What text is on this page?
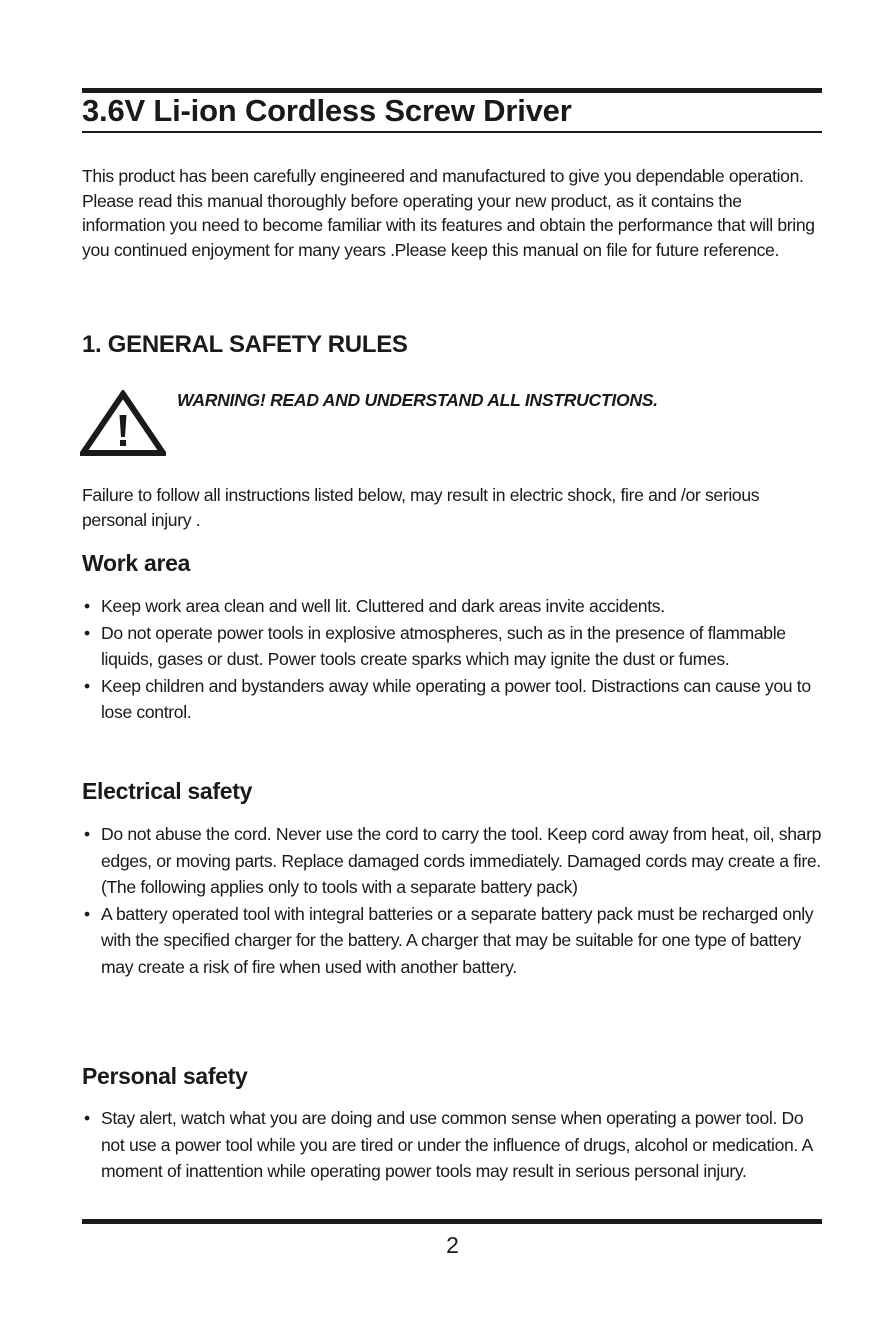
3.6V Li-ion Cordless Screw Driver

This product has been carefully engineered and manufactured to give you dependable operation. Please read this manual thoroughly before operating your new product, as it contains the information you need to become familiar with its features and obtain the performance that will bring you continued enjoyment for many years .Please keep this manual on file for future reference.

1. GENERAL SAFETY RULES

WARNING! READ AND UNDERSTAND ALL INSTRUCTIONS.

Failure to follow all instructions listed below, may result in electric shock, fire and /or serious personal injury .

Work area
• Keep work area clean and well lit. Cluttered and dark areas invite accidents.
• Do not operate power tools in explosive atmospheres, such as in the presence of flammable liquids, gases or dust. Power tools create sparks which may ignite the dust or fumes.
• Keep children and bystanders away while operating a power tool. Distractions can cause you to lose control.
Electrical safety
• Do not abuse the cord. Never use the cord to carry the tool. Keep cord away from heat, oil, sharp edges, or moving parts. Replace damaged cords immediately. Damaged cords may create a fire. (The following applies only to tools with a separate battery pack)
• A battery operated tool with integral batteries or a separate battery pack must be recharged only with the specified charger for the battery. A charger that may be suitable for one type of battery may create a risk of fire when used with another battery.
Personal safety
• Stay alert, watch what you are doing and use common sense when operating a power tool. Do not use a power tool while you are tired or under the influence of drugs, alcohol or medication. A moment of inattention while operating power tools may result in serious personal injury.

2
